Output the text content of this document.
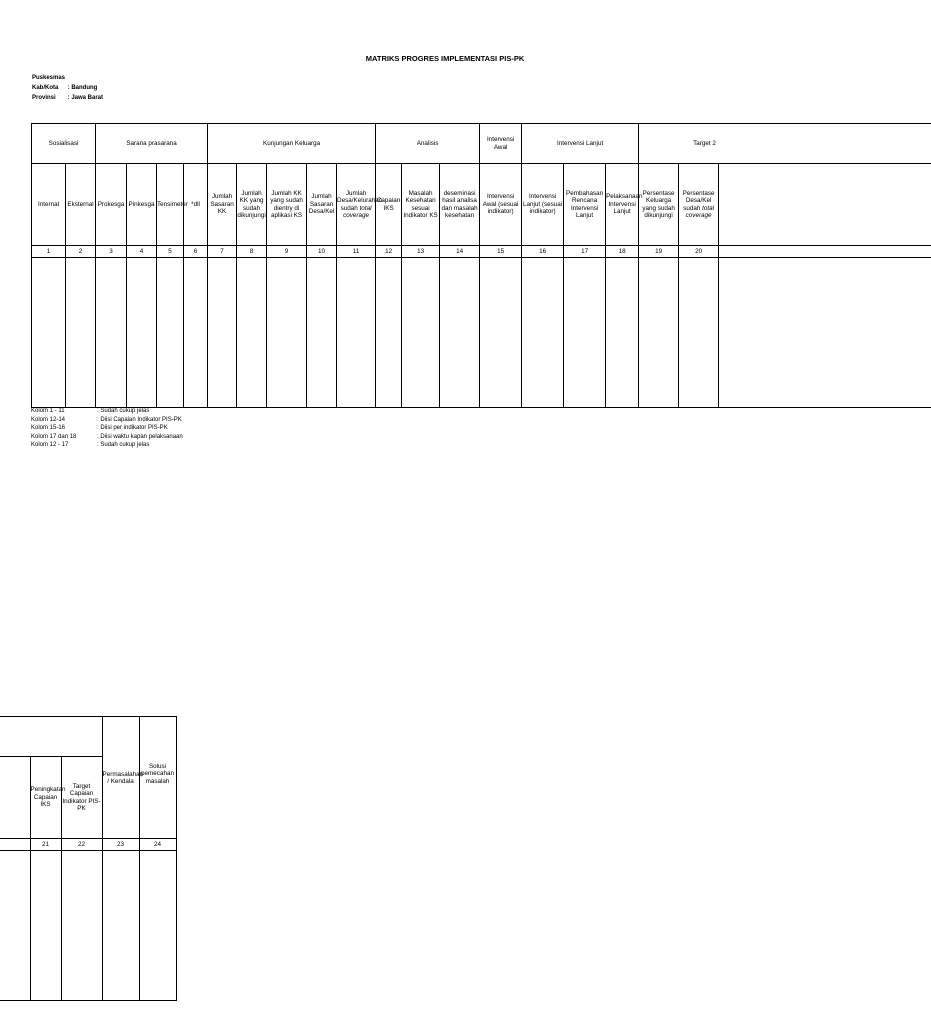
MATRIKS PROGRES IMPLEMENTASI PIS-PK
Puskesmas
Kab/Kota : Bandung
Provinsi : Jawa Barat
Sosialisasi		Sarana prasarana				Kunjungan Keluarga					Analisis			Intervensi Awal	Intervensi Lanjut			Target 2		
Internal	Eksternal	Prokesga	Pinkesga	Tensimeter	*dll	Jumlah Sasaran KK	Jumlah KK yang sudah dikunjungi	Jumlah KK yang sudah dientry di aplikasi KS	Jumlah Sasaran Desa/Kel	Jumlah Desa/Kelurahan sudah total coverage	Capaian IKS	Masalah Kesehatan sesuai Indikator KS	deseminasi hasil analisa dan masalah kesehatan	Intervensi Awal (sesuai indikator)	Intervensi Lanjut (sesuai indikator)	Pembahasan Rencana Intervensi Lanjut	Pelaksanaan Intervensi Lanjut	Persentase Keluarga yang sudah dikunjungi	Persentase Desa/Kel sudah total coverage	
1	2	3	4	5	6	7	8	9	10	11	12	13	14	15	16	17	18	19	20	

Kolom 1 - 11	: Sudah cukup jelas
Kolom 12-14	: Diisi Capaian Indikator PIS-PK
Kolom 15-16	: Diisi per indikator PIS-PK
Kolom 17 dan 18	: Diisi waktu kapan pelaksanaan
Kolom 12 - 17	: Sudah cukup jelas

	Peningkatan Capaian IKS	Target Capaian Indikator PIS-PK	Permasalahan / Kendala	Solusi pemecahan masalah
	21	22	23	24
